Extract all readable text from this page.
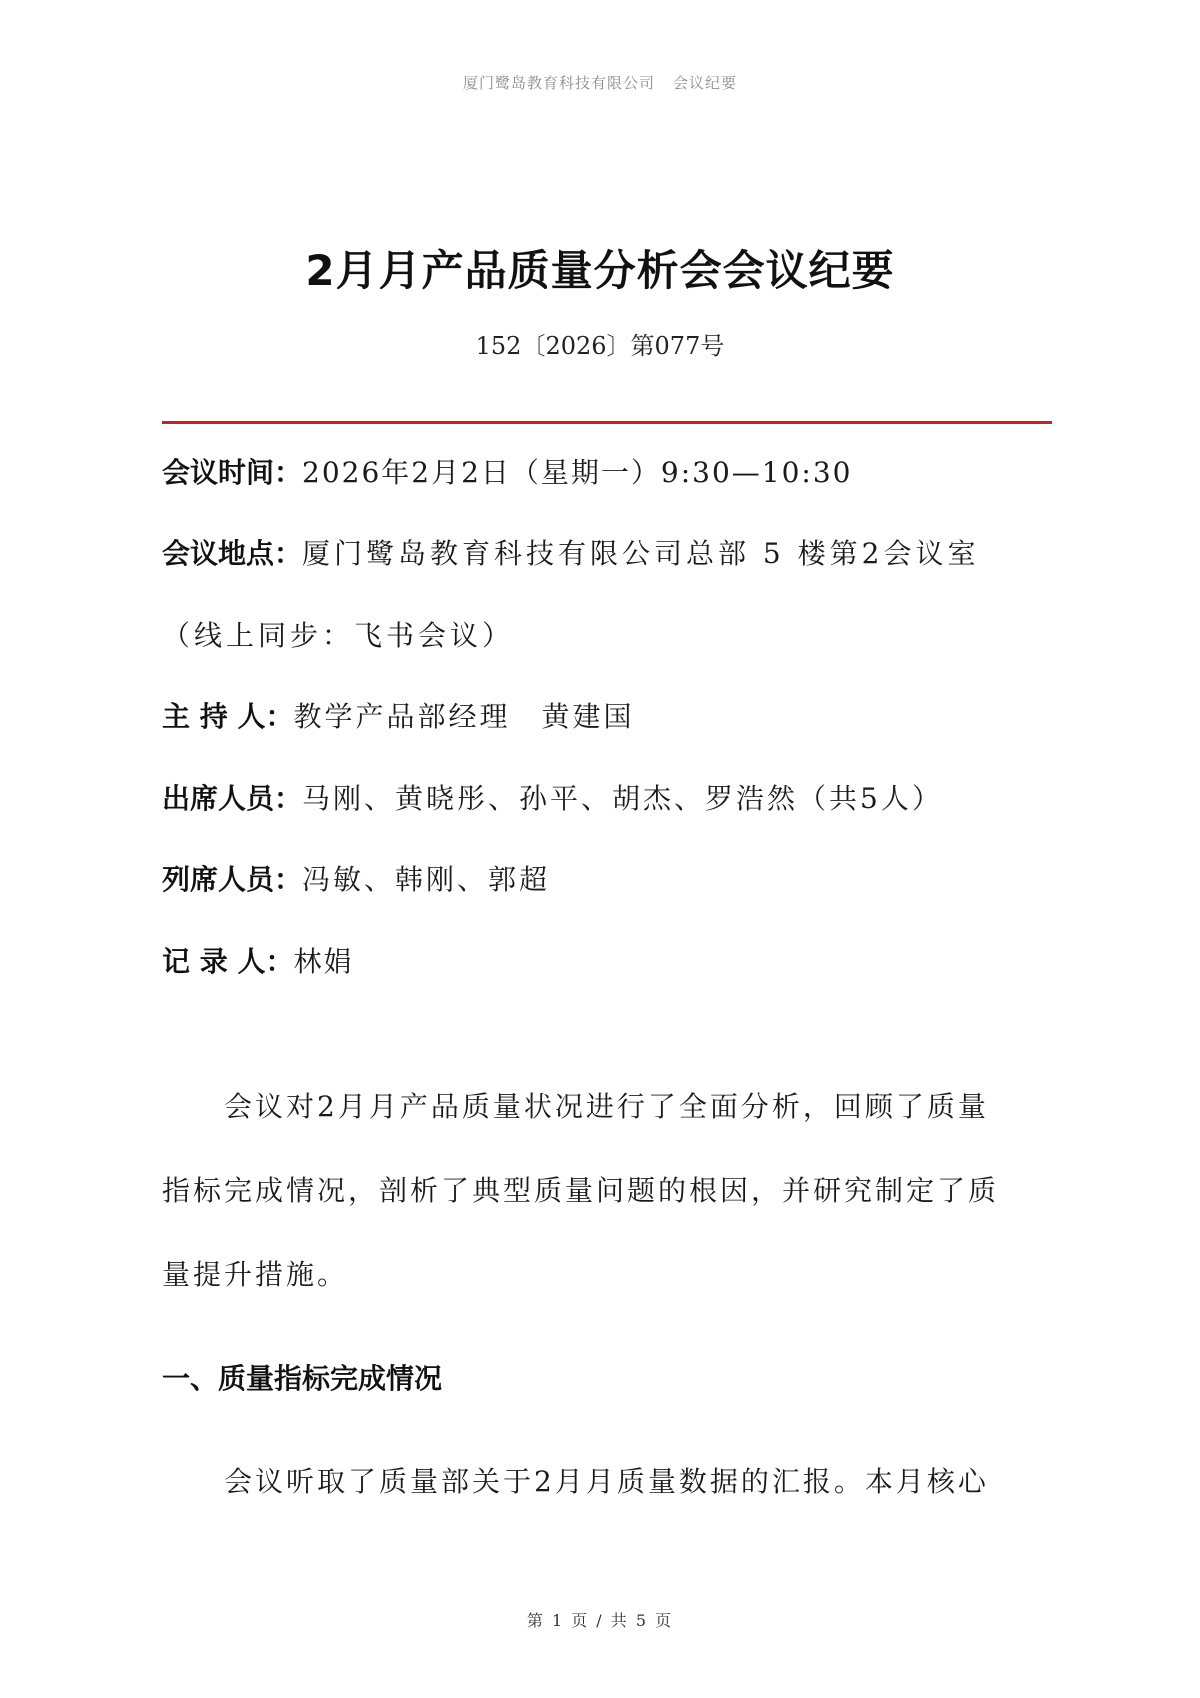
厦门鹭岛教育科技有限公司 会议纪要
2月月产品质量分析会会议纪要
152〔2026〕第077号
会议时间：2026年2月2日（星期一）9:30—10:30
会议地点：厦门鹭岛教育科技有限公司总部 5 楼第2会议室
（线上同步：飞书会议）
主 持 人：教学产品部经理　黄建国
出席人员：马刚、黄晓彤、孙平、胡杰、罗浩然（共5人）
列席人员：冯敏、韩刚、郭超
记 录 人：林娟
　　会议对2月月产品质量状况进行了全面分析，回顾了质量
指标完成情况，剖析了典型质量问题的根因，并研究制定了质
量提升措施。
一、质量指标完成情况
　　会议听取了质量部关于2月月质量数据的汇报。本月核心
第 1 页 / 共 5 页
